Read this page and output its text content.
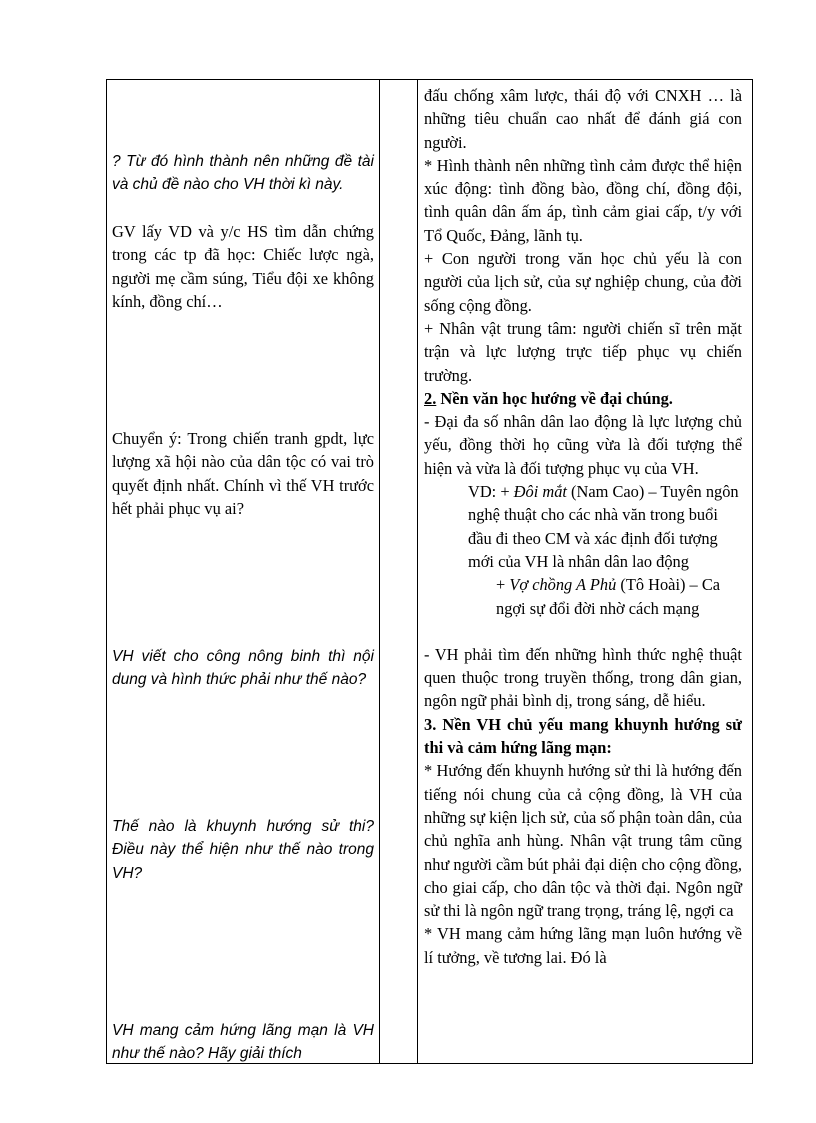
? Từ đó hình thành nên những đề tài và chủ đề nào cho VH thời kì này.

GV lấy VD và y/c HS tìm dẫn chứng trong các tp đã học: Chiếc lược ngà, người mẹ cầm súng, Tiểu đội xe không kính, đồng chí…

Chuyển ý: Trong chiến tranh gpdt, lực lượng xã hội nào của dân tộc có vai trò quyết định nhất. Chính vì thế VH trước hết phải phục vụ ai?

VH viết cho công nông binh thì nội dung và hình thức phải như thế nào?

Thế nào là khuynh hướng sử thi? Điều này thể hiện như thế nào trong VH?

VH mang cảm hứng lãng mạn là VH như thế nào? Hãy giải thích

đấu chống xâm lược, thái độ với CNXH … là những tiêu chuẩn cao nhất để đánh giá con người.

* Hình thành nên những tình cảm được thể hiện xúc động: tình đồng bào, đồng chí, đồng đội, tình quân dân ấm áp, tình cảm giai cấp, t/y với Tổ Quốc, Đảng, lãnh tụ.

+ Con người trong văn học chủ yếu là con người của lịch sử, của sự nghiệp chung, của đời sống cộng đồng.

+ Nhân vật trung tâm: người chiến sĩ trên mặt trận và lực lượng trực tiếp phục vụ chiến trường.

2. Nền văn học hướng về đại chúng.

- Đại đa số nhân dân lao động là lực lượng chủ yếu, đồng thời họ cũng vừa là đối tượng thể hiện và vừa là đối tượng phục vụ của VH.

VD: + Đôi mắt (Nam Cao) – Tuyên ngôn nghệ thuật cho các nhà văn trong buổi đầu đi theo CM và xác định đối tượng mới của VH là nhân dân lao động

+ Vợ chồng A Phủ (Tô Hoài) – Ca ngợi sự đổi đời nhờ cách mạng

- VH phải tìm đến những hình thức nghệ thuật quen thuộc trong truyền thống, trong dân gian, ngôn ngữ phải bình dị, trong sáng, dễ hiểu.

3. Nền VH chủ yếu mang khuynh hướng sử thi và cảm hứng lãng mạn:

* Hướng đến khuynh hướng sử thi là hướng đến tiếng nói chung của cả cộng đồng, là VH của những sự kiện lịch sử, của số phận toàn dân, của chủ nghĩa anh hùng. Nhân vật trung tâm cũng như người cầm bút phải đại diện cho cộng đồng, cho giai cấp, cho dân tộc và thời đại. Ngôn ngữ sử thi là ngôn ngữ trang trọng, tráng lệ, ngợi ca

* VH mang cảm hứng lãng mạn luôn hướng về lí tưởng, về tương lai. Đó là
